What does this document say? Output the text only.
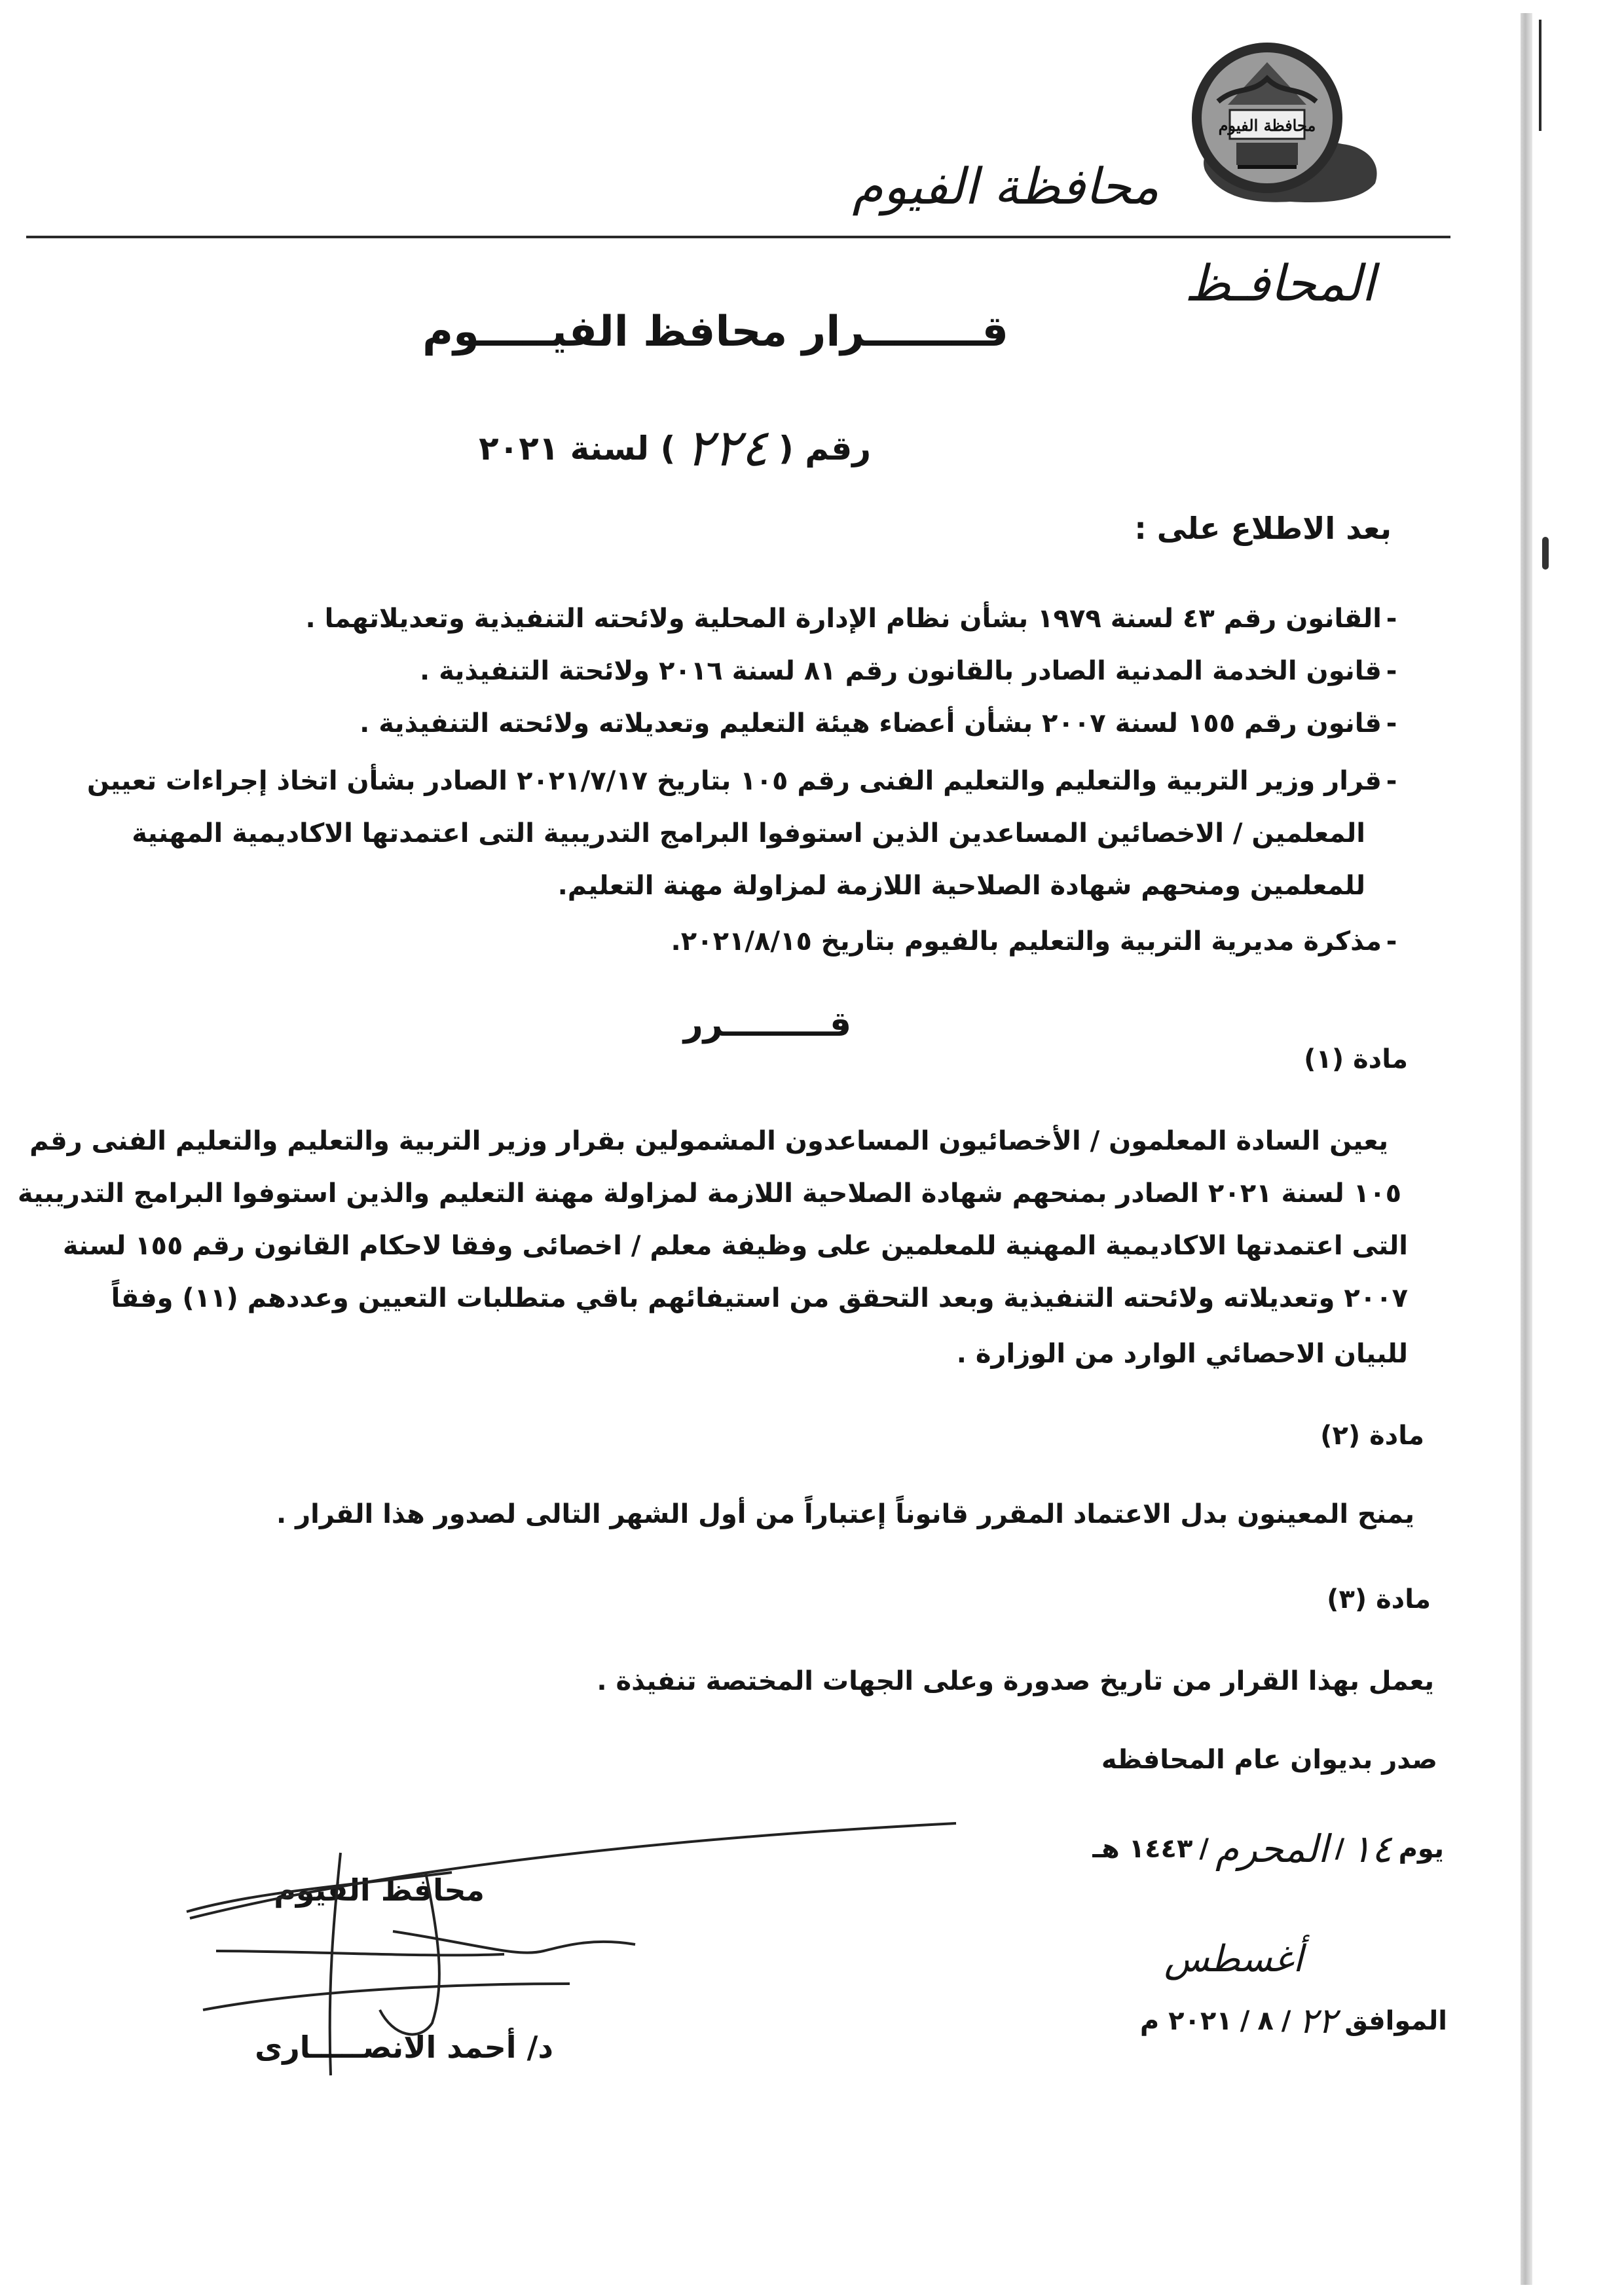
محافظة الفيوم
محافظة الفيوم
المحافـظ
قــــــــرار محافظ الفيـــــوم
رقم (
٢٢٤
) لسنة ٢٠٢١
بعد الاطلاع على :
-القانون رقم ٤٣ لسنة ١٩٧٩ بشأن نظام الإدارة المحلية ولائحته التنفيذية وتعديلاتهما .
-قانون الخدمة المدنية الصادر بالقانون رقم ٨١ لسنة ٢٠١٦ ولائحتة التنفيذية .
-قانون رقم ١٥٥ لسنة ٢٠٠٧ بشأن أعضاء هيئة التعليم وتعديلاته ولائحته التنفيذية .
-قرار وزير التربية والتعليم والتعليم الفنى رقم ١٠٥ بتاريخ ٢٠٢١/٧/١٧ الصادر بشأن اتخاذ إجراءات تعيين
المعلمين / الاخصائين المساعدين الذين استوفوا البرامج التدريبية التى اعتمدتها الاكاديمية المهنية
للمعلمين ومنحهم شهادة الصلاحية اللازمة لمزاولة مهنة التعليم.
-مذكرة مديرية التربية والتعليم بالفيوم بتاريخ ٢٠٢١/٨/١٥.
قـــــــــرر
مادة (١)
يعين السادة المعلمون / الأخصائيون المساعدون المشمولين بقرار وزير التربية والتعليم والتعليم الفنى رقم
١٠٥ لسنة ٢٠٢١ الصادر بمنحهم شهادة الصلاحية اللازمة لمزاولة مهنة التعليم والذين استوفوا البرامج التدريبية
التى اعتمدتها الاكاديمية المهنية للمعلمين على وظيفة معلم / اخصائى وفقا لاحكام القانون رقم ١٥٥ لسنة
٢٠٠٧ وتعديلاته ولائحته التنفيذية وبعد التحقق من استيفائهم باقي متطلبات التعيين وعددهم (١١) وفقاً
للبيان الاحصائي الوارد من الوزارة .
مادة (٢)
يمنح المعينون بدل الاعتماد المقرر قانوناً إعتباراً من أول الشهر التالى لصدور هذا القرار .
مادة (٣)
يعمل بهذا القرار من تاريخ صدورة وعلى الجهات المختصة تنفيذة .
صدر بديوان عام المحافظه
يوم
١٤
/
المحرم
/
١٤٤٣ هـ
أغسطس
الموافق
٢٢
/
٨
/
٢٠٢١ م
محافظ الفيوم
د/ أحمد الانصـــــارى
